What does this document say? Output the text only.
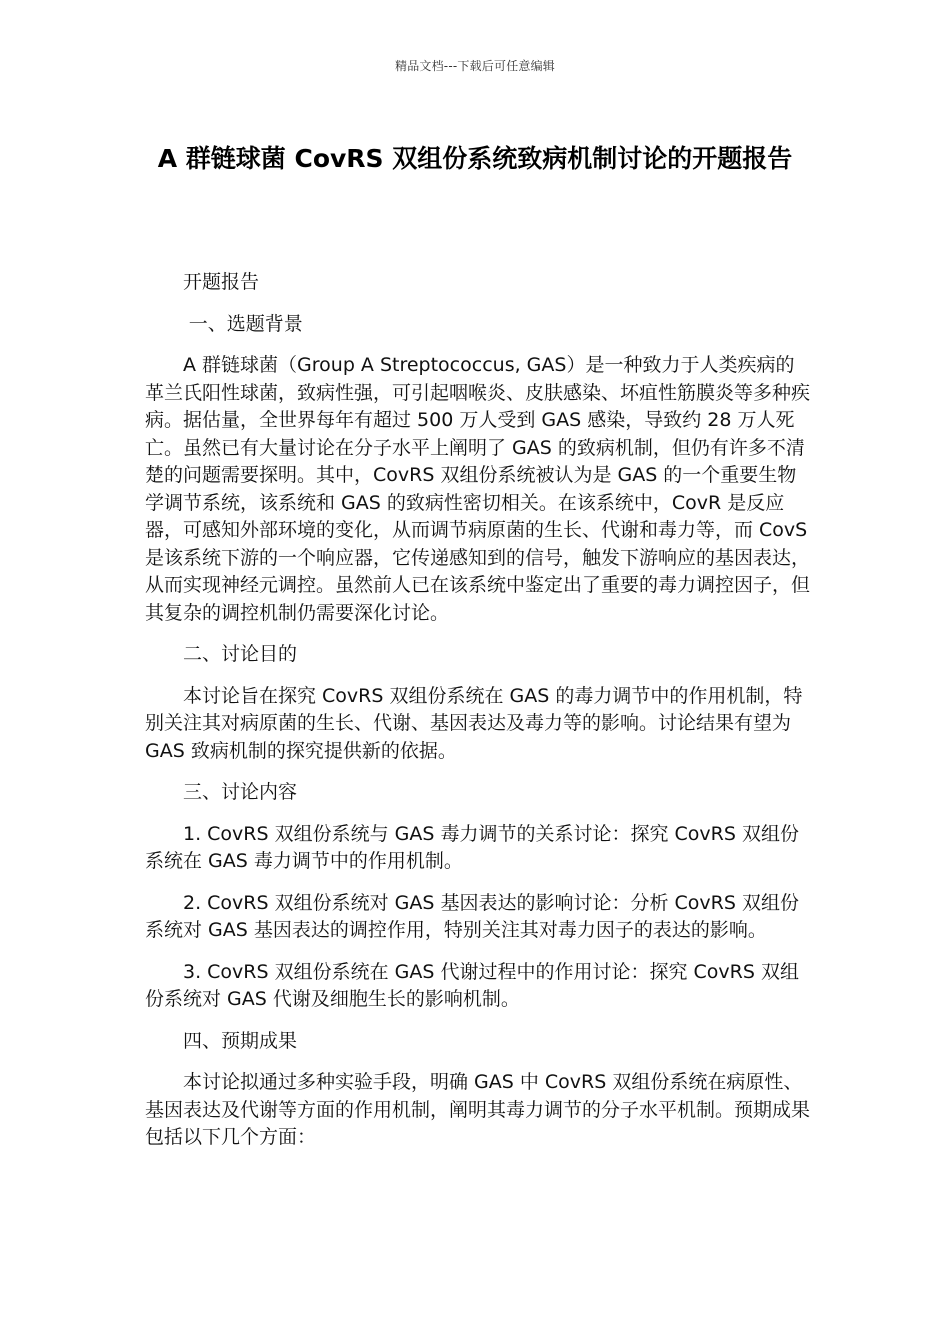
精品文档---下载后可任意编辑
A 群链球菌 CovRS 双组份系统致病机制讨论的开题报告

开题报告

一、选题背景

A 群链球菌（Group A Streptococcus, GAS）是一种致力于人类疾病的革兰氏阳性球菌，致病性强，可引起咽喉炎、皮肤感染、坏疽性筋膜炎等多种疾病。据估量，全世界每年有超过 500 万人受到 GAS 感染，导致约 28 万人死亡。虽然已有大量讨论在分子水平上阐明了 GAS 的致病机制，但仍有许多不清楚的问题需要探明。其中，CovRS 双组份系统被认为是 GAS 的一个重要生物学调节系统，该系统和 GAS 的致病性密切相关。在该系统中，CovR 是反应器，可感知外部环境的变化，从而调节病原菌的生长、代谢和毒力等，而 CovS 是该系统下游的一个响应器，它传递感知到的信号，触发下游响应的基因表达，从而实现神经元调控。虽然前人已在该系统中鉴定出了重要的毒力调控因子，但其复杂的调控机制仍需要深化讨论。

二、讨论目的

本讨论旨在探究 CovRS 双组份系统在 GAS 的毒力调节中的作用机制，特别关注其对病原菌的生长、代谢、基因表达及毒力等的影响。讨论结果有望为 GAS 致病机制的探究提供新的依据。

三、讨论内容

1. CovRS 双组份系统与 GAS 毒力调节的关系讨论：探究 CovRS 双组份系统在 GAS 毒力调节中的作用机制。

2. CovRS 双组份系统对 GAS 基因表达的影响讨论：分析 CovRS 双组份系统对 GAS 基因表达的调控作用，特别关注其对毒力因子的表达的影响。

3. CovRS 双组份系统在 GAS 代谢过程中的作用讨论：探究 CovRS 双组份系统对 GAS 代谢及细胞生长的影响机制。

四、预期成果

本讨论拟通过多种实验手段，明确 GAS 中 CovRS 双组份系统在病原性、基因表达及代谢等方面的作用机制，阐明其毒力调节的分子水平机制。预期成果包括以下几个方面：
